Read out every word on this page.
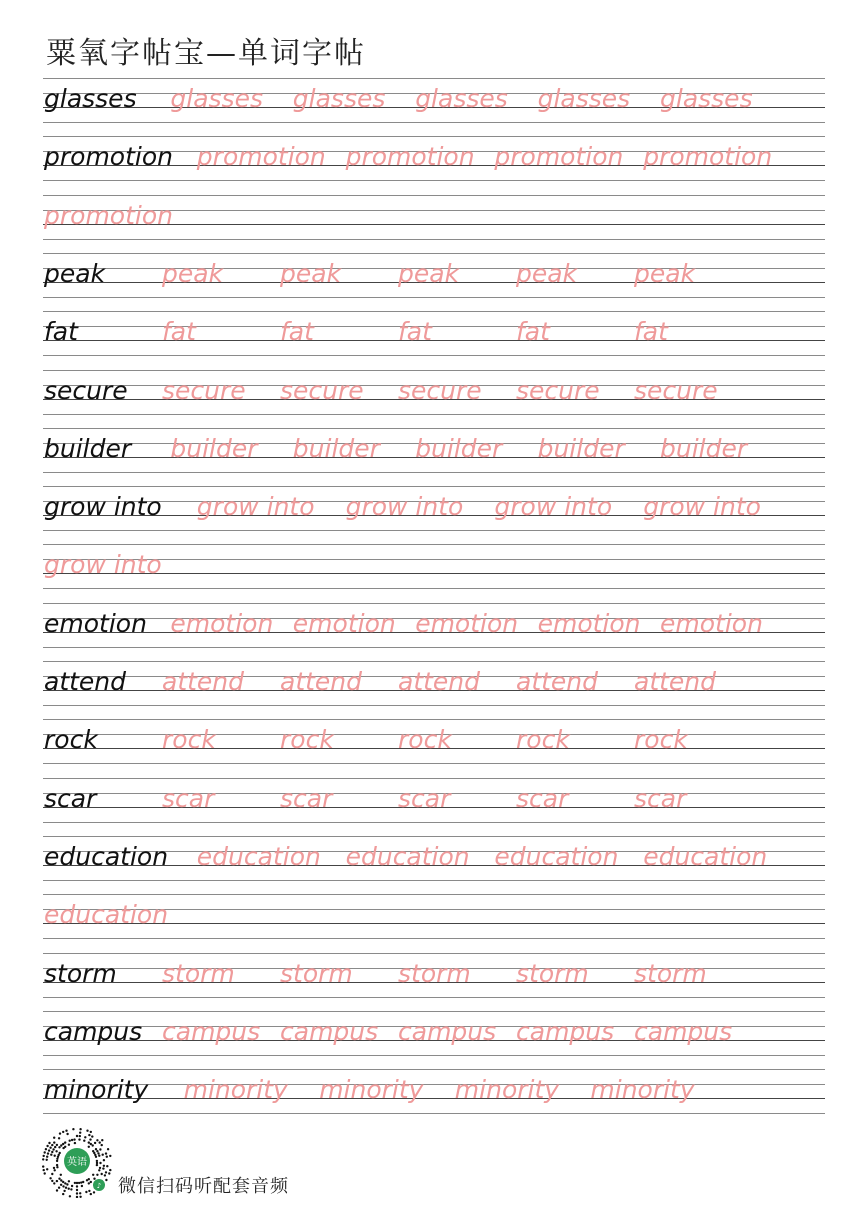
粟氧字帖宝—单词字帖
glasses glasses glasses glasses glasses glasses
promotion promotion promotion promotion promotion
promotion
peak peak peak peak peak peak
fat	fat	fat	fat	fat	fat
secure secure secure secure secure secure
builder builder builder builder builder builder
grow into grow into grow into grow into grow into
grow into
emotion emotion emotion emotion emotion emotion
attend attend attend attend attend attend
rock	rock	rock	rock	rock	rock
scar	scar	scar	scar	scar	scar
education education education education education
education
storm storm storm storm storm storm
campus campus campus campus campus campus
minority minority minority minority minority
英语
♪ 微信扫码听配套音频
